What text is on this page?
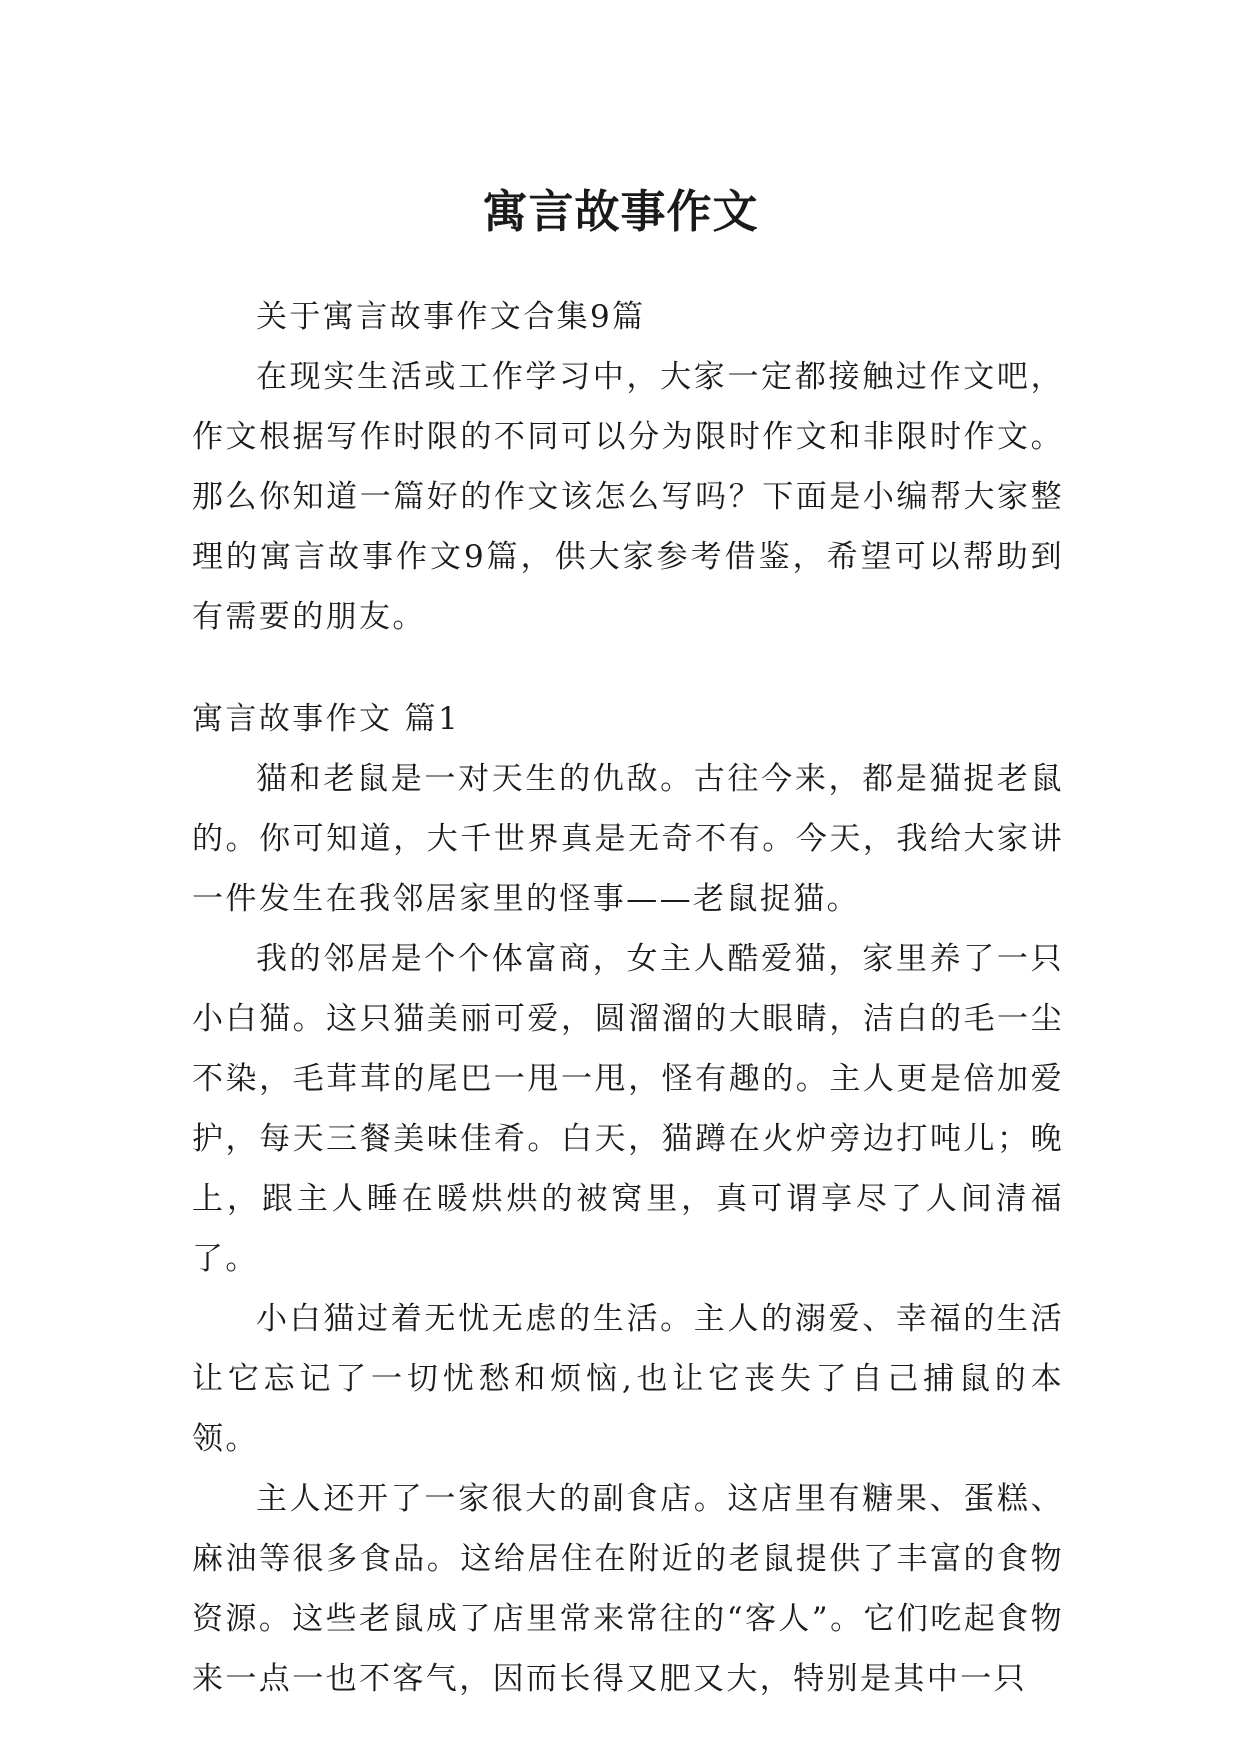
寓言故事作文

关于寓言故事作文合集9篇

在现实生活或工作学习中，大家一定都接触过作文吧，作文根据写作时限的不同可以分为限时作文和非限时作文。那么你知道一篇好的作文该怎么写吗？下面是小编帮大家整理的寓言故事作文9篇，供大家参考借鉴，希望可以帮助到有需要的朋友。

寓言故事作文 篇1

猫和老鼠是一对天生的仇敌。古往今来，都是猫捉老鼠的。你可知道，大千世界真是无奇不有。今天，我给大家讲一件发生在我邻居家里的怪事——老鼠捉猫。

我的邻居是个个体富商，女主人酷爱猫，家里养了一只小白猫。这只猫美丽可爱，圆溜溜的大眼睛，洁白的毛一尘不染，毛茸茸的尾巴一甩一甩，怪有趣的。主人更是倍加爱护，每天三餐美味佳肴。白天，猫蹲在火炉旁边打吨儿；晚上，跟主人睡在暖烘烘的被窝里，真可谓享尽了人间清福了。

小白猫过着无忧无虑的生活。主人的溺爱、幸福的生活让它忘记了一切忧愁和烦恼,也让它丧失了自己捕鼠的本领。

主人还开了一家很大的副食店。这店里有糖果、蛋糕、麻油等很多食品。这给居住在附近的老鼠提供了丰富的食物资源。这些老鼠成了店里常来常往的“客人”。它们吃起食物来一点一也不客气，因而长得又肥又大，特别是其中一只
